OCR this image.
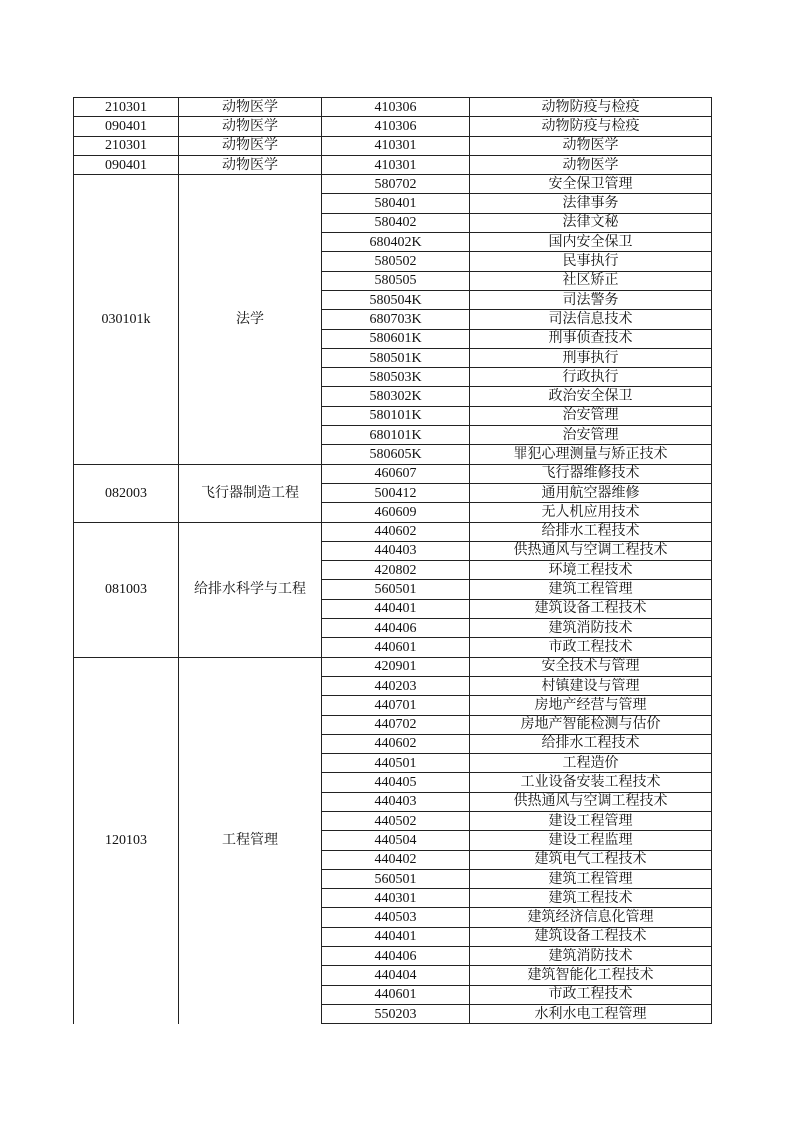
210301	动物医学	410306	动物防疫与检疫
090401	动物医学	410306	动物防疫与检疫
210301	动物医学	410301	动物医学
090401	动物医学	410301	动物医学
030101k	法学	580702	安全保卫管理
		580401	法律事务
		580402	法律文秘
		680402K	国内安全保卫
		580502	民事执行
		580505	社区矫正
		580504K	司法警务
		680703K	司法信息技术
		580601K	刑事侦查技术
		580501K	刑事执行
		580503K	行政执行
		580302K	政治安全保卫
		580101K	治安管理
		680101K	治安管理
		580605K	罪犯心理测量与矫正技术
082003	飞行器制造工程	460607	飞行器维修技术
		500412	通用航空器维修
		460609	无人机应用技术
081003	给排水科学与工程	440602	给排水工程技术
		440403	供热通风与空调工程技术
		420802	环境工程技术
		560501	建筑工程管理
		440401	建筑设备工程技术
		440406	建筑消防技术
		440601	市政工程技术
120103	工程管理	420901	安全技术与管理
		440203	村镇建设与管理
		440701	房地产经营与管理
		440702	房地产智能检测与估价
		440602	给排水工程技术
		440501	工程造价
		440405	工业设备安装工程技术
		440403	供热通风与空调工程技术
		440502	建设工程管理
		440504	建设工程监理
		440402	建筑电气工程技术
		560501	建筑工程管理
		440301	建筑工程技术
		440503	建筑经济信息化管理
		440401	建筑设备工程技术
		440406	建筑消防技术
		440404	建筑智能化工程技术
		440601	市政工程技术
		550203	水利水电工程管理
